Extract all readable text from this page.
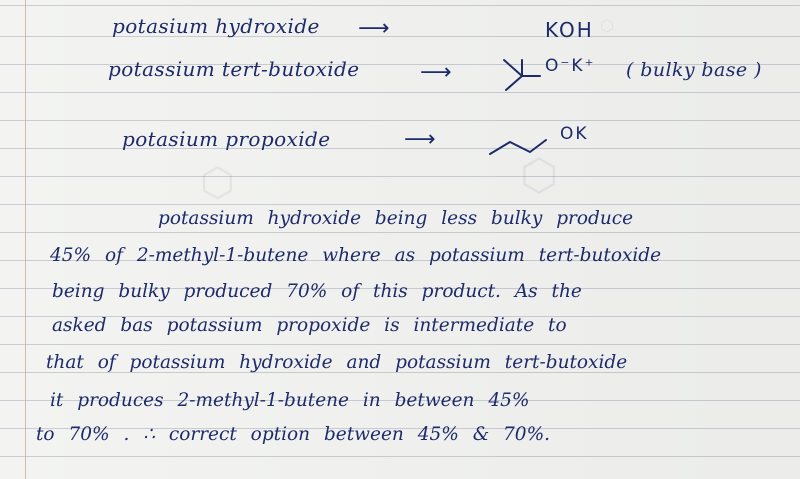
⬡
⬡	⬡
potasium hydroxide ⟶	KOH
potassium tert-butoxide	⟶	O⁻K⁺ ( bulky base )
potasium propoxide	⟶	OK
potassium hydroxide being less bulky produce
45% of 2-methyl-1-butene where as potassium tert-butoxide
being bulky produced 70% of this product. As the
asked bas potassium propoxide is intermediate to
that of potassium hydroxide and potassium tert-butoxide
it produces 2-methyl-1-butene in between 45%
to 70% . ∴ correct option between 45% & 70%.
